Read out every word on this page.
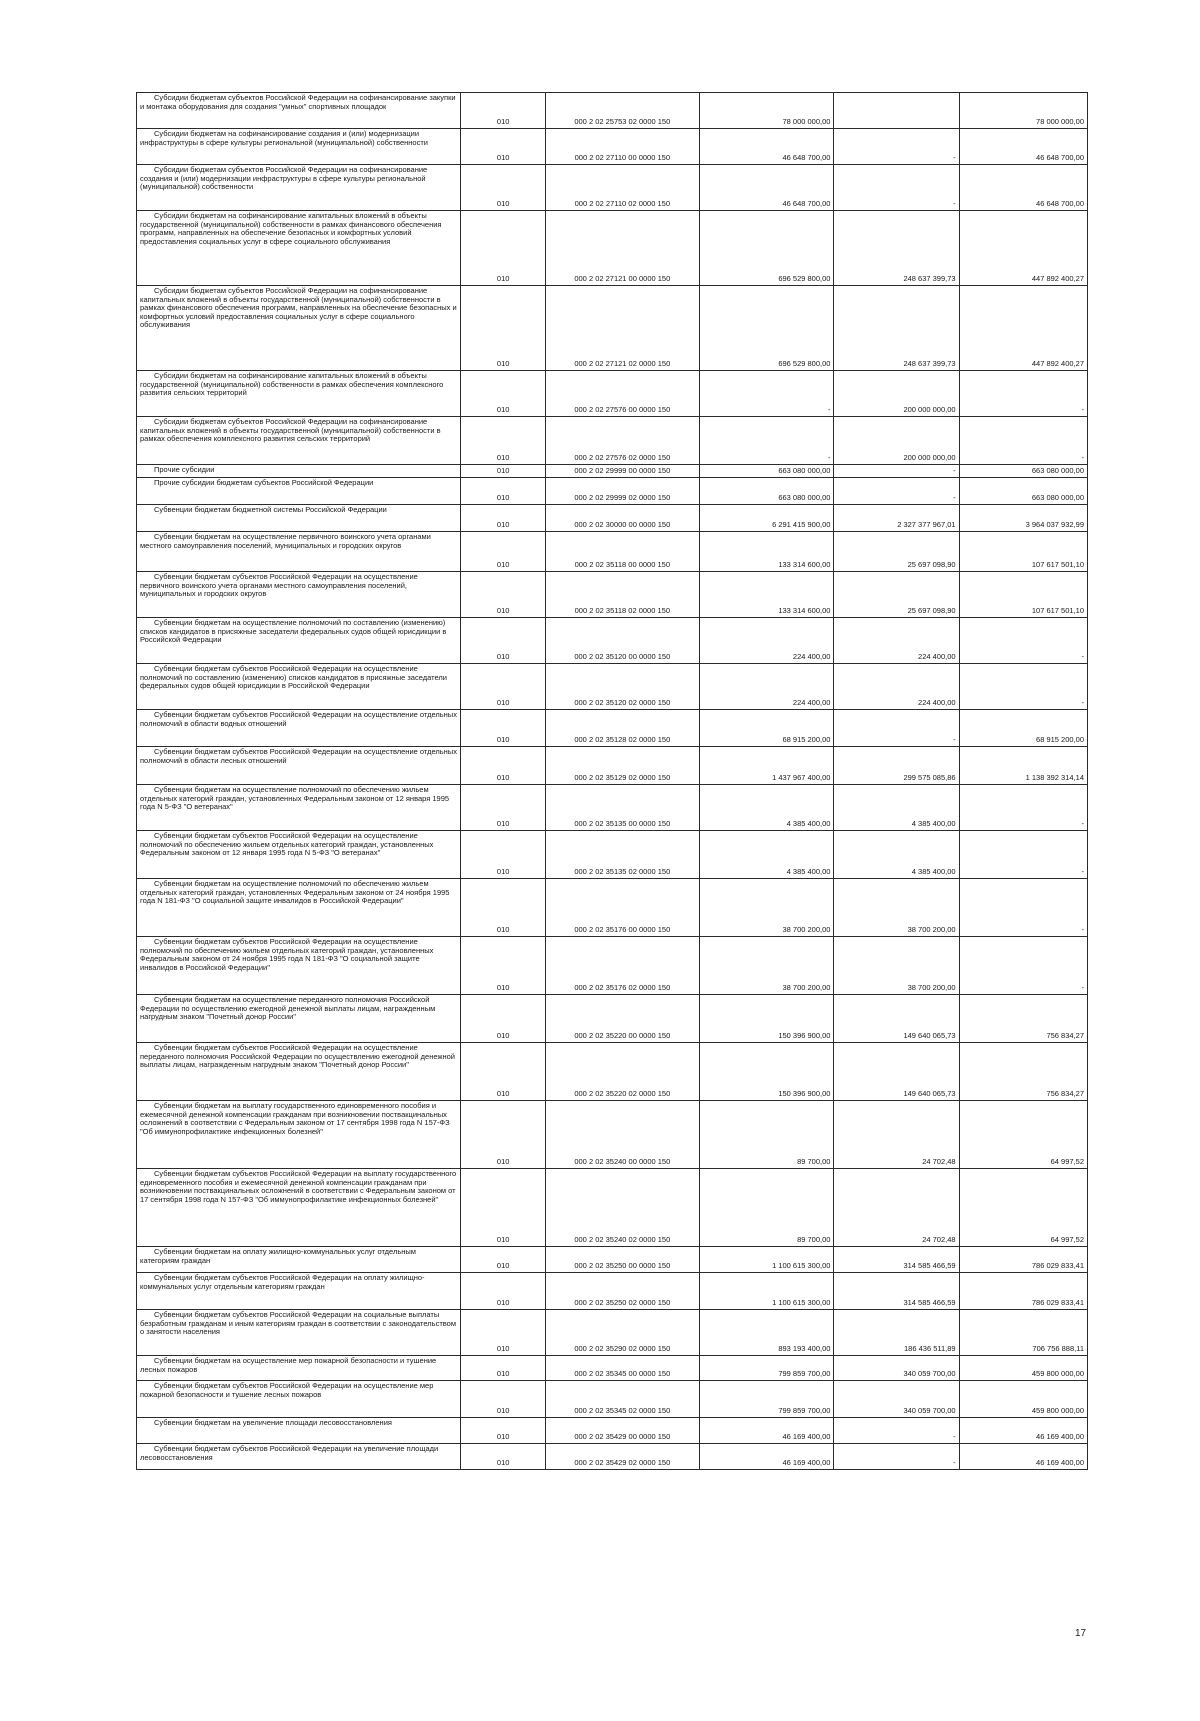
Субсидии бюджетам субъектов Российской Федерации на софинансирование закупки и монтажа оборудования для создания "умных" спортивных площадок	010	000 2 02 25753 02 0000 150	78 000 000,00		78 000 000,00
Субсидии бюджетам на софинансирование создания и (или) модернизации инфраструктуры в сфере культуры региональной (муниципальной) собственности	010	000 2 02 27110 00 0000 150	46 648 700,00	-	46 648 700,00
Субсидии бюджетам субъектов Российской Федерации на софинансирование создания и (или) модернизации инфраструктуры в сфере культуры региональной (муниципальной) собственности	010	000 2 02 27110 02 0000 150	46 648 700,00	-	46 648 700,00
Субсидии бюджетам на софинансирование капитальных вложений в объекты государственной (муниципальной) собственности в рамках финансового обеспечения программ, направленных на обеспечение безопасных и комфортных условий предоставления социальных услуг в сфере социального обслуживания	010	000 2 02 27121 00 0000 150	696 529 800,00	248 637 399,73	447 892 400,27
Субсидии бюджетам субъектов Российской Федерации на софинансирование капитальных вложений в объекты государственной (муниципальной) собственности в рамках финансового обеспечения программ, направленных на обеспечение безопасных и комфортных условий предоставления социальных услуг в сфере социального обслуживания	010	000 2 02 27121 02 0000 150	696 529 800,00	248 637 399,73	447 892 400,27
Субсидии бюджетам на софинансирование капитальных вложений в объекты государственной (муниципальной) собственности в рамках обеспечения комплексного развития сельских территорий	010	000 2 02 27576 00 0000 150	-	200 000 000,00	-
Субсидии бюджетам субъектов Российской Федерации на софинансирование капитальных вложений в объекты государственной (муниципальной) собственности в рамках обеспечения комплексного развития сельских территорий	010	000 2 02 27576 02 0000 150	-	200 000 000,00	-
Прочие субсидии	010	000 2 02 29999 00 0000 150	663 080 000,00	-	663 080 000,00
Прочие субсидии бюджетам субъектов Российской Федерации	010	000 2 02 29999 02 0000 150	663 080 000,00	-	663 080 000,00
Субвенции бюджетам бюджетной системы Российской Федерации	010	000 2 02 30000 00 0000 150	6 291 415 900,00	2 327 377 967,01	3 964 037 932,99
Субвенции бюджетам на осуществление первичного воинского учета органами местного самоуправления поселений, муниципальных и городских округов	010	000 2 02 35118 00 0000 150	133 314 600,00	25 697 098,90	107 617 501,10
Субвенции бюджетам субъектов Российской Федерации на осуществление первичного воинского учета органами местного самоуправления поселений, муниципальных и городских округов	010	000 2 02 35118 02 0000 150	133 314 600,00	25 697 098,90	107 617 501,10
Субвенции бюджетам на осуществление полномочий по составлению (изменению) списков кандидатов в присяжные заседатели федеральных судов общей юрисдикции в Российской Федерации	010	000 2 02 35120 00 0000 150	224 400,00	224 400,00	-
Субвенции бюджетам субъектов Российской Федерации на осуществление полномочий по составлению (изменению) списков кандидатов в присяжные заседатели федеральных судов общей юрисдикции в Российской Федерации	010	000 2 02 35120 02 0000 150	224 400,00	224 400,00	-
Субвенции бюджетам субъектов Российской Федерации на осуществление отдельных полномочий в области водных отношений	010	000 2 02 35128 02 0000 150	68 915 200,00	-	68 915 200,00
Субвенции бюджетам субъектов Российской Федерации на осуществление отдельных полномочий в области лесных отношений	010	000 2 02 35129 02 0000 150	1 437 967 400,00	299 575 085,86	1 138 392 314,14
Субвенции бюджетам на осуществление полномочий по обеспечению жильем отдельных категорий граждан, установленных Федеральным законом от 12 января 1995 года N 5-ФЗ "О ветеранах"	010	000 2 02 35135 00 0000 150	4 385 400,00	4 385 400,00	-
Субвенции бюджетам субъектов Российской Федерации на осуществление полномочий по обеспечению жильем отдельных категорий граждан, установленных Федеральным законом от 12 января 1995 года N 5-ФЗ "О ветеранах"	010	000 2 02 35135 02 0000 150	4 385 400,00	4 385 400,00	-
Субвенции бюджетам на осуществление полномочий по обеспечению жильем отдельных категорий граждан, установленных Федеральным законом от 24 ноября 1995 года N 181-ФЗ "О социальной защите инвалидов в Российской Федерации"	010	000 2 02 35176 00 0000 150	38 700 200,00	38 700 200,00	-
Субвенции бюджетам субъектов Российской Федерации на осуществление полномочий по обеспечению жильем отдельных категорий граждан, установленных Федеральным законом от 24 ноября 1995 года N 181-ФЗ "О социальной защите инвалидов в Российской Федерации"	010	000 2 02 35176 02 0000 150	38 700 200,00	38 700 200,00	-
Субвенции бюджетам на осуществление переданного полномочия Российской Федерации по осуществлению ежегодной денежной выплаты лицам, награжденным нагрудным знаком "Почетный донор России"	010	000 2 02 35220 00 0000 150	150 396 900,00	149 640 065,73	756 834,27
Субвенции бюджетам субъектов Российской Федерации на осуществление переданного полномочия Российской Федерации по осуществлению ежегодной денежной выплаты лицам, награжденным нагрудным знаком "Почетный донор России"	010	000 2 02 35220 02 0000 150	150 396 900,00	149 640 065,73	756 834,27
Субвенции бюджетам на выплату государственного единовременного пособия и ежемесячной денежной компенсации гражданам при возникновении поствакцинальных осложнений в соответствии с Федеральным законом от 17 сентября 1998 года N 157-ФЗ "Об иммунопрофилактике инфекционных болезней"	010	000 2 02 35240 00 0000 150	89 700,00	24 702,48	64 997,52
Субвенции бюджетам субъектов Российской Федерации на выплату государственного единовременного пособия и ежемесячной денежной компенсации гражданам при возникновении поствакцинальных осложнений в соответствии с Федеральным законом от 17 сентября 1998 года N 157-ФЗ "Об иммунопрофилактике инфекционных болезней"	010	000 2 02 35240 02 0000 150	89 700,00	24 702,48	64 997,52
Субвенции бюджетам на оплату жилищно-коммунальных услуг отдельным категориям граждан	010	000 2 02 35250 00 0000 150	1 100 615 300,00	314 585 466,59	786 029 833,41
Субвенции бюджетам субъектов Российской Федерации на оплату жилищно-коммунальных услуг отдельным категориям граждан	010	000 2 02 35250 02 0000 150	1 100 615 300,00	314 585 466,59	786 029 833,41
Субвенции бюджетам субъектов Российской Федерации на социальные выплаты безработным гражданам и иным категориям граждан в соответствии с законодательством о занятости населения	010	000 2 02 35290 02 0000 150	893 193 400,00	186 436 511,89	706 756 888,11
Субвенции бюджетам на осуществление мер пожарной безопасности и тушение лесных пожаров	010	000 2 02 35345 00 0000 150	799 859 700,00	340 059 700,00	459 800 000,00
Субвенции бюджетам субъектов Российской Федерации на осуществление мер пожарной безопасности и тушение лесных пожаров	010	000 2 02 35345 02 0000 150	799 859 700,00	340 059 700,00	459 800 000,00
Субвенции бюджетам на увеличение площади лесовосстановления	010	000 2 02 35429 00 0000 150	46 169 400,00	-	46 169 400,00
Субвенции бюджетам субъектов Российской Федерации на увеличение площади лесовосстановления	010	000 2 02 35429 02 0000 150	46 169 400,00	-	46 169 400,00
17
